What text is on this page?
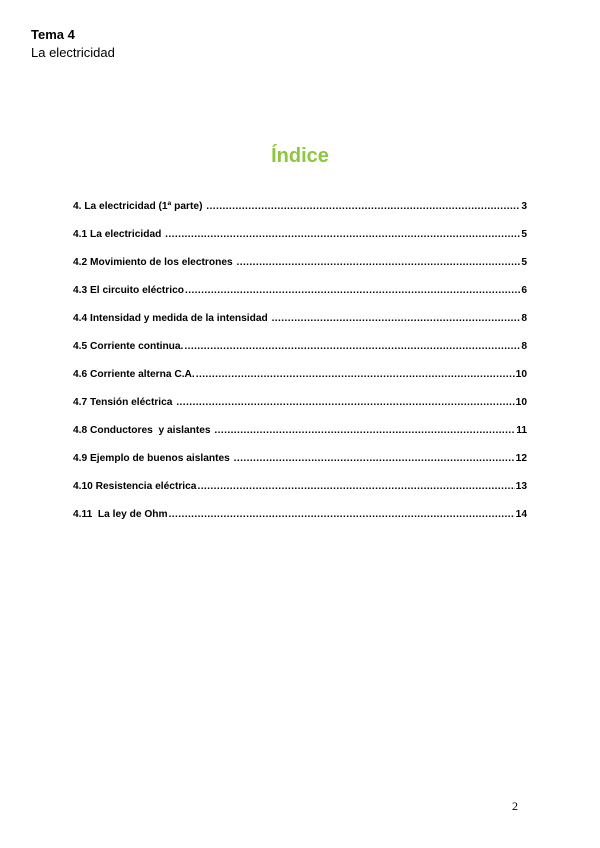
Tema 4
La electricidad
Índice
4. La electricidad (1ª parte) .....	3
4.1 La electricidad .....	5
4.2 Movimiento de los electrones .....	5
4.3 El circuito eléctrico .....	6
4.4 Intensidad y medida de la intensidad .....	8
4.5 Corriente continua. .....	8
4.6 Corriente alterna C.A. .....	10
4.7 Tensión eléctrica .....	10
4.8 Conductores  y aislantes .....	11
4.9 Ejemplo de buenos aislantes .....	12
4.10 Resistencia eléctrica .....	13
4.11  La ley de Ohm .....	14
2
